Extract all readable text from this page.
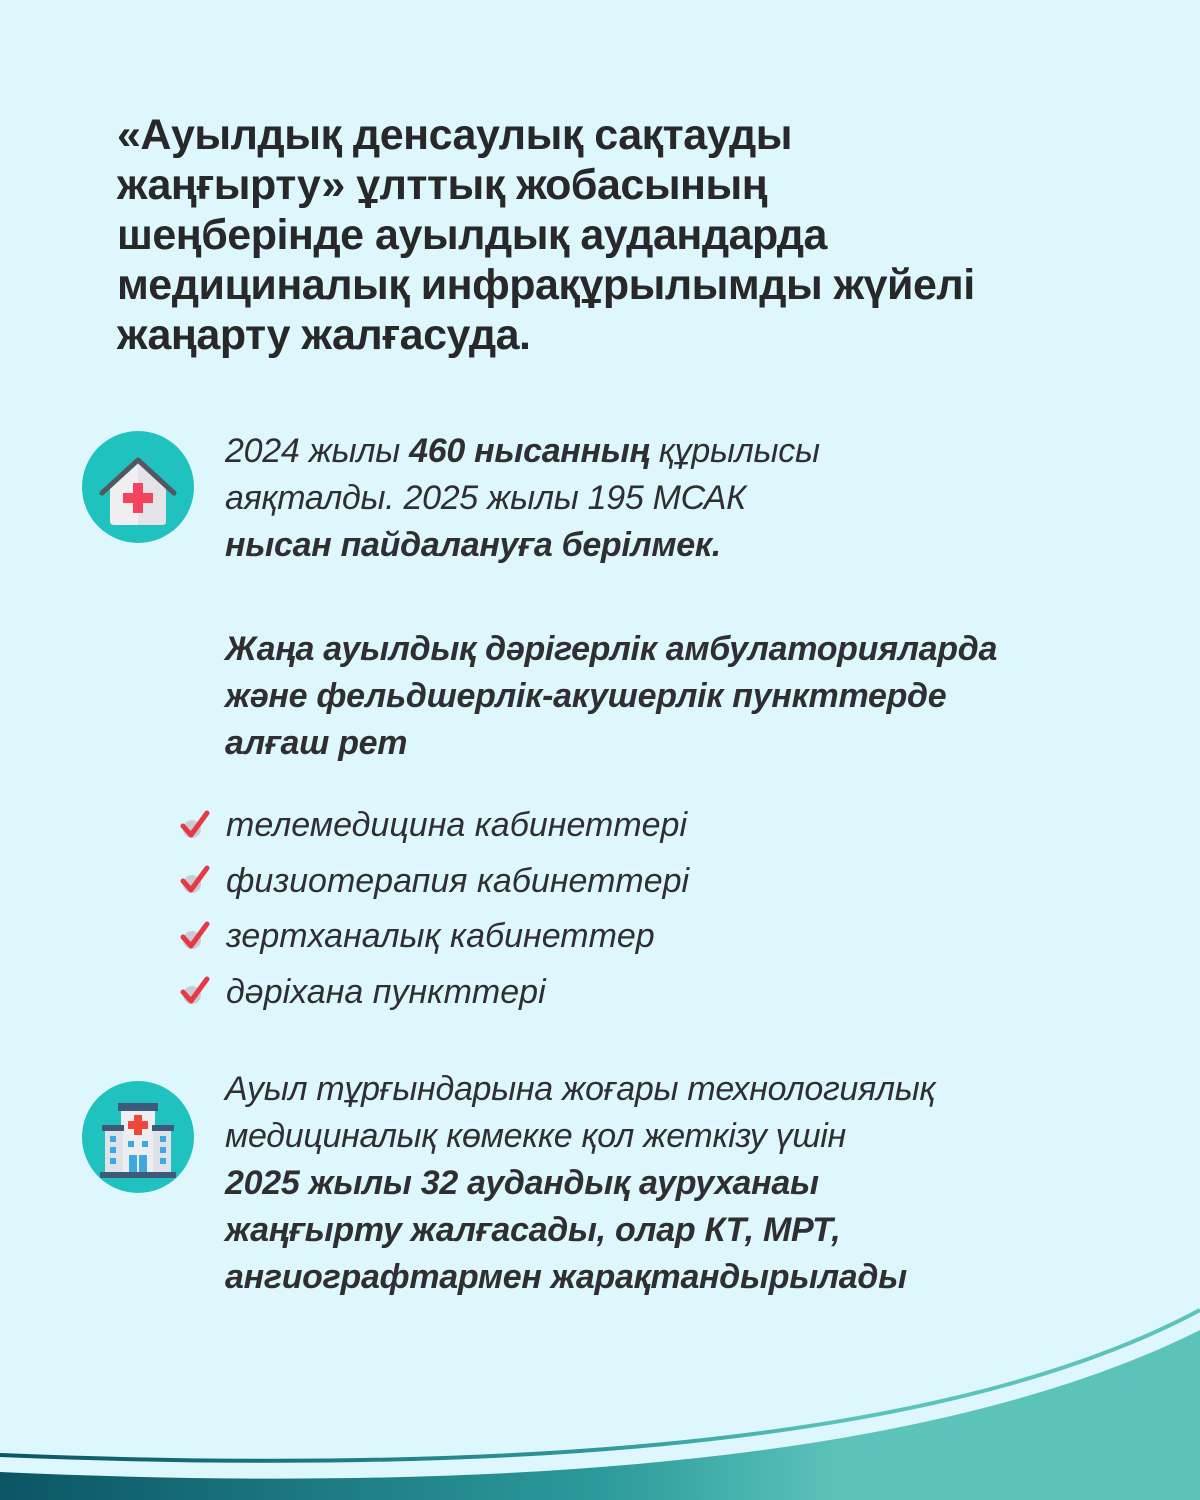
«Ауылдық денсаулық сақтауды
жаңғырту» ұлттық жобасының
шеңберінде ауылдық аудандарда
медициналық инфрақұрылымды жүйелі
жаңарту жалғасуда.
2024 жылы 460 нысанның құрылысы
аяқталды. 2025 жылы 195 МСАК
нысан пайдалануға берілмек.
Жаңа ауылдық дәрігерлік амбулаторияларда
және фельдшерлік-акушерлік пункттерде
алғаш рет
телемедицина кабинеттері
физиотерапия кабинеттері
зертханалық кабинеттер
дәріхана пункттері
Ауыл тұрғындарына жоғары технологиялық
медициналық көмекке қол жеткізу үшін
2025 жылы 32 аудандық ауруханаы
жаңғырту жалғасады, олар КТ, МРТ,
ангиографтармен жарақтандырылады
